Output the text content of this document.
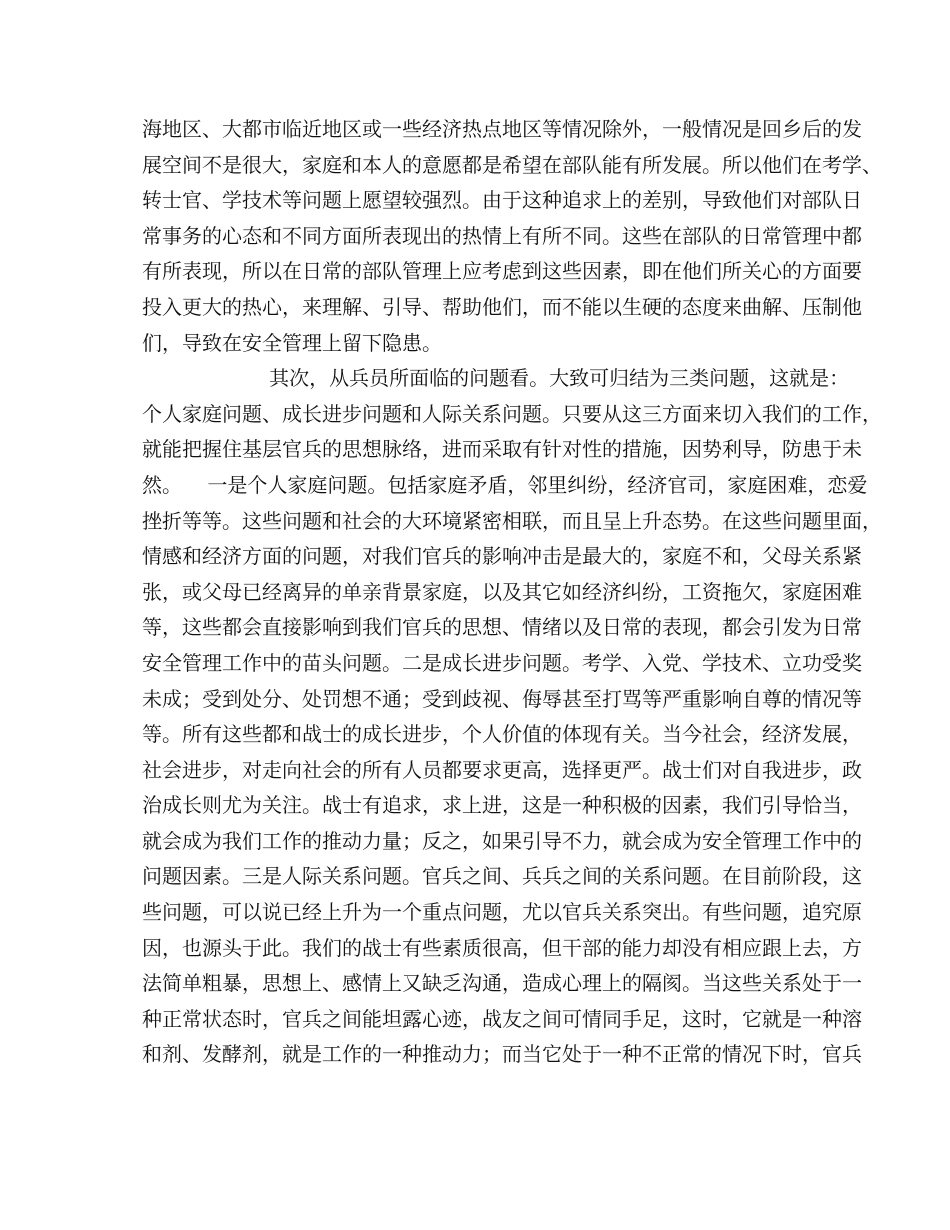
海地区、大都市临近地区或一些经济热点地区等情况除外，一般情况是回乡后的发
展空间不是很大，家庭和本人的意愿都是希望在部队能有所发展。所以他们在考学、
转士官、学技术等问题上愿望较强烈。由于这种追求上的差别，导致他们对部队日
常事务的心态和不同方面所表现出的热情上有所不同。这些在部队的日常管理中都
有所表现，所以在日常的部队管理上应考虑到这些因素，即在他们所关心的方面要
投入更大的热心，来理解、引导、帮助他们，而不能以生硬的态度来曲解、压制他
们，导致在安全管理上留下隐患。
其次，从兵员所面临的问题看。大致可归结为三类问题，这就是：
个人家庭问题、成长进步问题和人际关系问题。只要从这三方面来切入我们的工作，
就能把握住基层官兵的思想脉络，进而采取有针对性的措施，因势利导，防患于未
然。    一是个人家庭问题。包括家庭矛盾，邻里纠纷，经济官司，家庭困难，恋爱
挫折等等。这些问题和社会的大环境紧密相联，而且呈上升态势。在这些问题里面，
情感和经济方面的问题，对我们官兵的影响冲击是最大的，家庭不和，父母关系紧
张，或父母已经离异的单亲背景家庭，以及其它如经济纠纷，工资拖欠，家庭困难
等，这些都会直接影响到我们官兵的思想、情绪以及日常的表现，都会引发为日常
安全管理工作中的苗头问题。二是成长进步问题。考学、入党、学技术、立功受奖
未成；受到处分、处罚想不通；受到歧视、侮辱甚至打骂等严重影响自尊的情况等
等。所有这些都和战士的成长进步，个人价值的体现有关。当今社会，经济发展，
社会进步，对走向社会的所有人员都要求更高，选择更严。战士们对自我进步，政
治成长则尤为关注。战士有追求，求上进，这是一种积极的因素，我们引导恰当，
就会成为我们工作的推动力量；反之，如果引导不力，就会成为安全管理工作中的
问题因素。三是人际关系问题。官兵之间、兵兵之间的关系问题。在目前阶段，这
些问题，可以说已经上升为一个重点问题，尤以官兵关系突出。有些问题，追究原
因，也源头于此。我们的战士有些素质很高，但干部的能力却没有相应跟上去，方
法简单粗暴，思想上、感情上又缺乏沟通，造成心理上的隔阂。当这些关系处于一
种正常状态时，官兵之间能坦露心迹，战友之间可情同手足，这时，它就是一种溶
和剂、发酵剂，就是工作的一种推动力；而当它处于一种不正常的情况下时，官兵
